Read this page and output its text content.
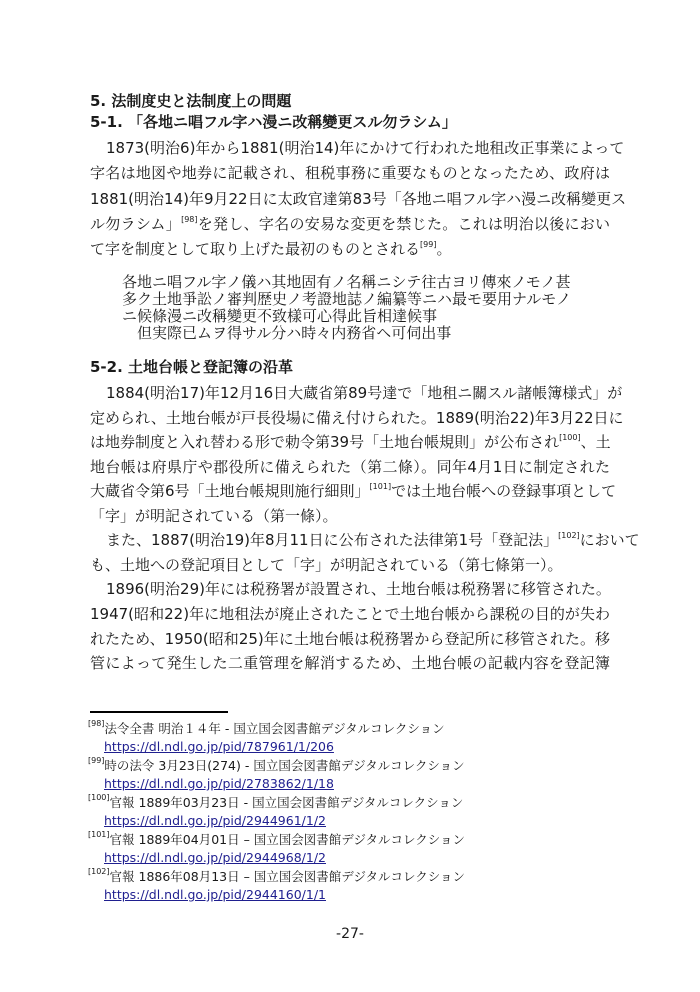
5. 法制度史と法制度上の問題
5-1. 「各地ニ唱フル字ハ漫ニ改稱變更スル勿ラシム」
1873(明治6)年から1881(明治14)年にかけて行われた地租改正事業によって
字名は地図や地券に記載され、租税事務に重要なものとなったため、政府は
1881(明治14)年9月22日に太政官達第83号「各地ニ唱フル字ハ漫ニ改稱變更ス
ル勿ラシム」[98]を発し、字名の安易な変更を禁じた。これは明治以後におい
て字を制度として取り上げた最初のものとされる[99]。
各地ニ唱フル字ノ儀ハ其地固有ノ名稱ニシテ往古ヨリ傳來ノモノ甚
多ク土地爭訟ノ審判歴史ノ考證地誌ノ編纂等ニハ最モ要用ナルモノ
ニ候條漫ニ改稱變更不致樣可心得此旨相達候事
　但実際已ムヲ得サル分ハ時々内務省ヘ可伺出事
5-2. 土地台帳と登記簿の沿革
1884(明治17)年12月16日大蔵省第89号達で「地租ニ關スル諸帳簿様式」が
定められ、土地台帳が戸長役場に備え付けられた。1889(明治22)年3月22日に
は地券制度と入れ替わる形で勅令第39号「土地台帳規則」が公布され[100]、土
地台帳は府県庁や郡役所に備えられた（第二條）。同年4月1日に制定された
大蔵省令第6号「土地台帳規則施行細則」[101]では土地台帳への登録事項として
「字」が明記されている（第一條）。
また、1887(明治19)年8月11日に公布された法律第1号「登記法」[102]において
も、土地への登記項目として「字」が明記されている（第七條第一）。
1896(明治29)年には税務署が設置され、土地台帳は税務署に移管された。
1947(昭和22)年に地租法が廃止されたことで土地台帳から課税の目的が失わ
れたため、1950(昭和25)年に土地台帳は税務署から登記所に移管された。移
管によって発生した二重管理を解消するため、土地台帳の記載内容を登記簿
[98]法令全書 明治１４年 - 国立国会図書館デジタルコレクション
https://dl.ndl.go.jp/pid/787961/1/206
[99]時の法令 3月23日(274) - 国立国会図書館デジタルコレクション
https://dl.ndl.go.jp/pid/2783862/1/18
[100]官報 1889年03月23日 - 国立国会図書館デジタルコレクション
https://dl.ndl.go.jp/pid/2944961/1/2
[101]官報 1889年04月01日 – 国立国会図書館デジタルコレクション
https://dl.ndl.go.jp/pid/2944968/1/2
[102]官報 1886年08月13日 – 国立国会図書館デジタルコレクション
https://dl.ndl.go.jp/pid/2944160/1/1
-27-
